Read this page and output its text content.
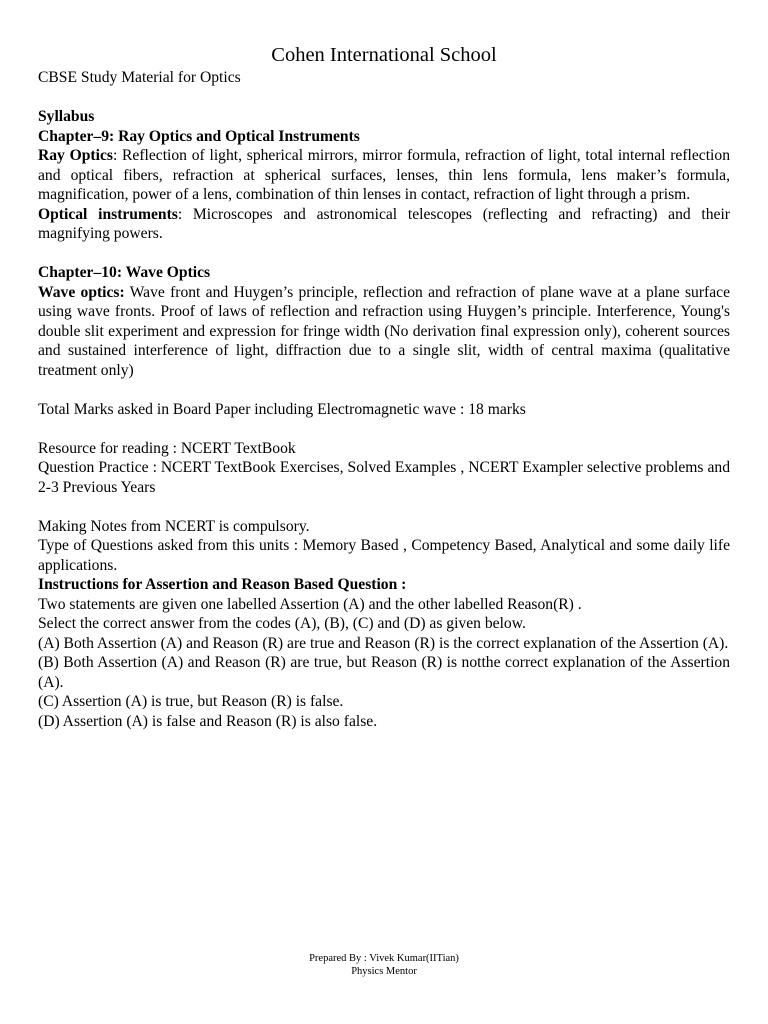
Cohen International School

CBSE Study Material for Optics

Syllabus

Chapter–9: Ray Optics and Optical Instruments

Ray Optics: Reflection of light, spherical mirrors, mirror formula, refraction of light, total internal reflection and optical fibers, refraction at spherical surfaces, lenses, thin lens formula, lens maker’s formula, magnification, power of a lens, combination of thin lenses in contact, refraction of light through a prism.

Optical instruments: Microscopes and astronomical telescopes (reflecting and refracting) and their magnifying powers.

Chapter–10: Wave Optics

Wave optics: Wave front and Huygen’s principle, reflection and refraction of plane wave at a plane surface using wave fronts. Proof of laws of reflection and refraction using Huygen’s principle. Interference, Young's double slit experiment and expression for fringe width (No derivation final expression only), coherent sources and sustained interference of light, diffraction due to a single slit, width of central maxima (qualitative treatment only)

Total Marks asked in Board Paper including Electromagnetic wave : 18 marks

Resource for reading : NCERT TextBook

Question Practice : NCERT TextBook Exercises, Solved Examples , NCERT Exampler selective problems and 2-3 Previous Years

Making Notes from NCERT is compulsory.

Type of Questions asked from this units : Memory Based , Competency Based, Analytical and some daily life applications.

Instructions for Assertion and Reason Based Question :

Two statements are given one labelled Assertion (A) and the other labelled Reason(R) .

Select the correct answer from the codes (A), (B), (C) and (D) as given below.

(A) Both Assertion (A) and Reason (R) are true and Reason (R) is the correct explanation of the Assertion (A).

(B) Both Assertion (A) and Reason (R) are true, but Reason (R) is notthe correct explanation of the Assertion (A).

(C) Assertion (A) is true, but Reason (R) is false.

(D) Assertion (A) is false and Reason (R) is also false.

Prepared By : Vivek Kumar(IITian)
Physics Mentor
